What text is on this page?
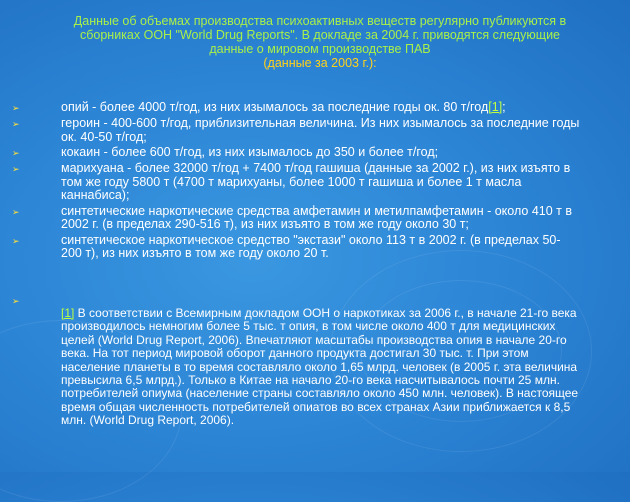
Данные об объемах производства психоактивных веществ регулярно публикуются в сборниках ООН "World Drug Reports". В докладе за 2004 г. приводятся следующие данные о мировом производстве ПАВ
(данные за 2003 г.):
➢	опий - более 4000 т/год, из них изымалось за последние годы ок. 80 т/год[1];
➢	героин - 400-600 т/год, приблизительная величина. Из них изымалось за последние годы ок. 40-50 т/год;
➢	кокаин - более 600 т/год, из них изымалось до 350 и более т/год;
➢	марихуана - более 32000 т/год + 7400 т/год гашиша (данные за 2002 г.), из них изъято в том же году 5800 т (4700 т марихуаны, более 1000 т гашиша и более 1 т масла каннабиса);
➢	синтетические наркотические средства амфетамин и метилпамфетамин - около 410 т в 2002 г. (в пределах 290-516 т), из них изъято в том же году около 30 т;
➢	синтетическое наркотическое средство "экстази" около 113 т в 2002 г. (в пределах 50-200 т), из них изъято в том же году около 20 т.
➢
[1] В соответствии с Всемирным докладом ООН о наркотиках за 2006 г., в начале 21-го века производилось немногим более 5 тыс. т опия, в том числе около 400 т для медицинских целей (World Drug Report, 2006). Впечатляют масштабы производства опия в начале 20-го века. На тот период мировой оборот данного продукта достигал 30 тыс. т. При этом население планеты в то время составляло около 1,65 млрд. человек (в 2005 г. эта величина превысила 6,5 млрд.). Только в Китае на начало 20-го века насчитывалось почти 25 млн. потребителей опиума (население страны составляло около 450 млн. человек). В настоящее время общая численность потребителей опиатов во всех странах Азии приближается к 8,5 млн. (World Drug Report, 2006).
